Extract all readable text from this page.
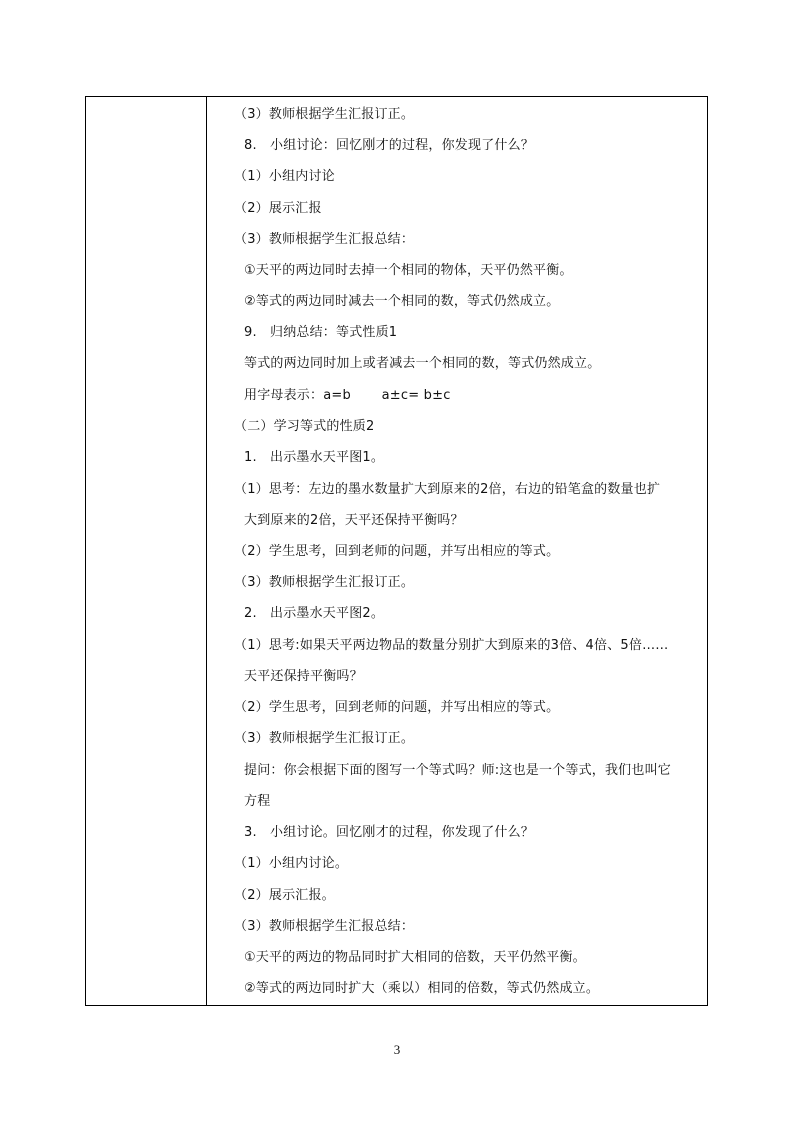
（3）教师根据学生汇报订正。
8.　小组讨论：回忆刚才的过程，你发现了什么？
（1）小组内讨论
（2）展示汇报
（3）教师根据学生汇报总结：
①天平的两边同时去掉一个相同的物体，天平仍然平衡。
②等式的两边同时减去一个相同的数，等式仍然成立。
9.　归纳总结：等式性质1
等式的两边同时加上或者减去一个相同的数，等式仍然成立。
用字母表示：a=b　　 a±c= b±c
（二）学习等式的性质2
1.　出示墨水天平图1。
（1）思考：左边的墨水数量扩大到原来的2倍，右边的铅笔盒的数量也扩
大到原来的2倍，天平还保持平衡吗？
（2）学生思考，回到老师的问题，并写出相应的等式。
（3）教师根据学生汇报订正。
2.　出示墨水天平图2。
（1）思考:如果天平两边物品的数量分别扩大到原来的3倍、4倍、5倍……
天平还保持平衡吗？
（2）学生思考，回到老师的问题，并写出相应的等式。
（3）教师根据学生汇报订正。
提问：你会根据下面的图写一个等式吗？师:这也是一个等式，我们也叫它
方程
3.　小组讨论。回忆刚才的过程，你发现了什么？
（1）小组内讨论。
（2）展示汇报。
（3）教师根据学生汇报总结：
①天平的两边的物品同时扩大相同的倍数，天平仍然平衡。
②等式的两边同时扩大（乘以）相同的倍数，等式仍然成立。
3
